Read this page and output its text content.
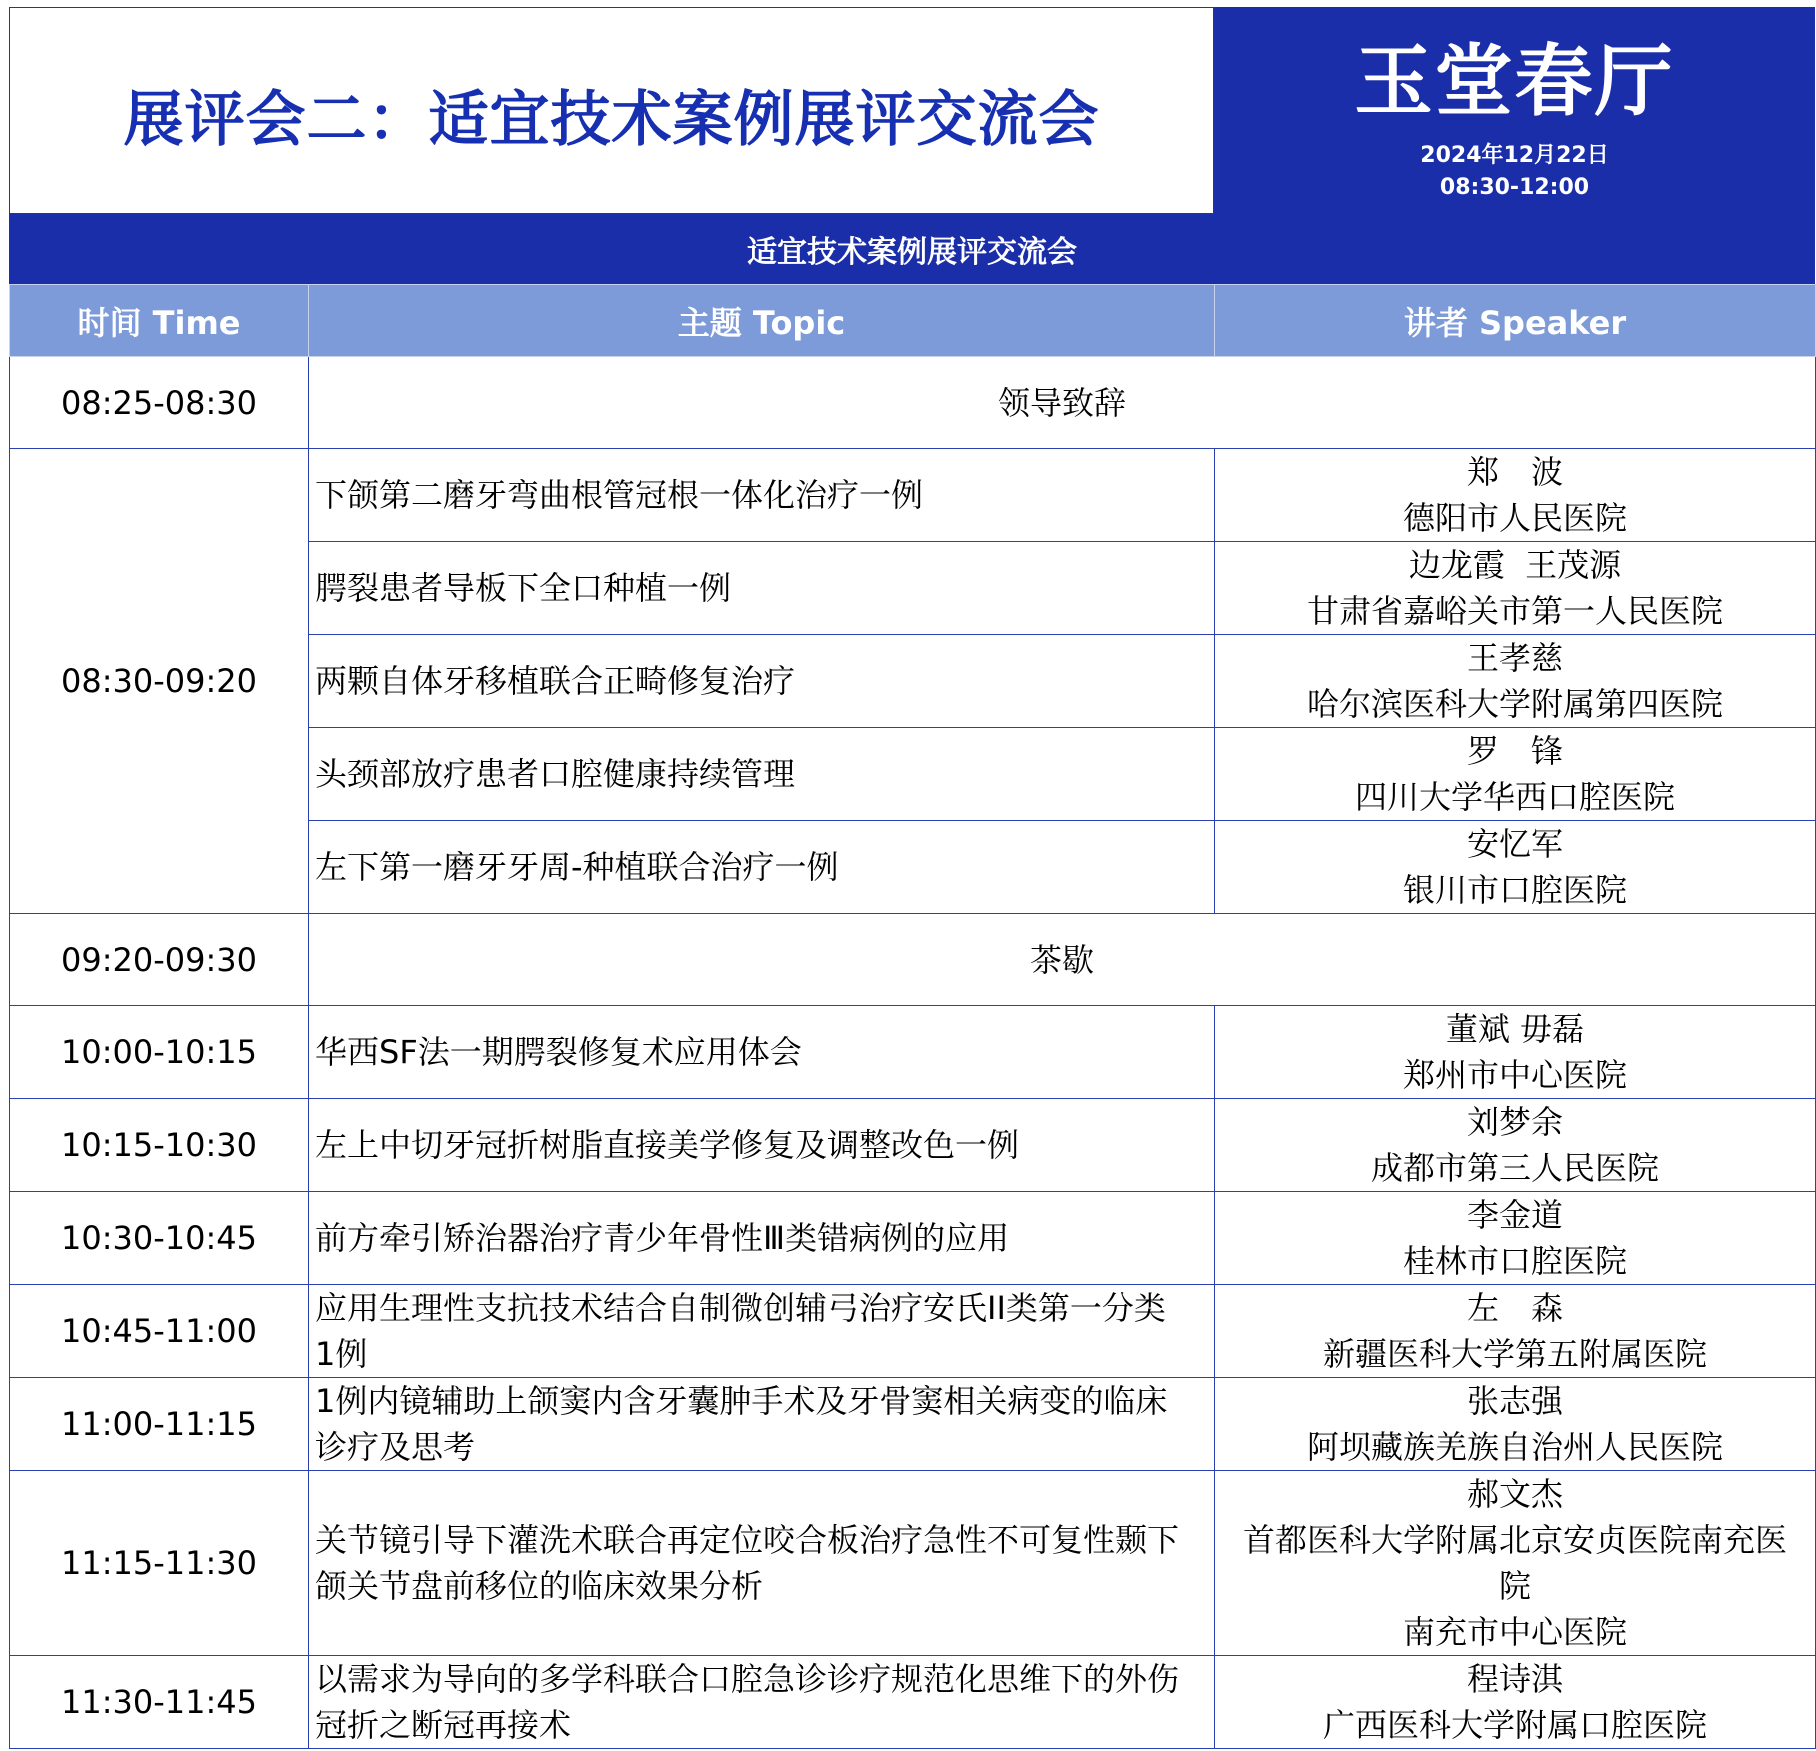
展评会二：适宜技术案例展评交流会	玉堂春厅
2024年12月22日
08:30-12:00
适宜技术案例展评交流会
时间 Time	主题 Topic	讲者 Speaker
08:25-08:30	领导致辞	
08:30-09:20	下颌第二磨牙弯曲根管冠根一体化治疗一例	郑　波
德阳市人民医院

	腭裂患者导板下全口种植一例	边龙霞  王茂源
甘肃省嘉峪关市第一人民医院

	两颗自体牙移植联合正畸修复治疗	王孝慈
哈尔滨医科大学附属第四医院

	头颈部放疗患者口腔健康持续管理	罗　锋
四川大学华西口腔医院

	左下第一磨牙牙周-种植联合治疗一例	安忆军
银川市口腔医院

09:20-09:30	茶歇	
10:00-10:15	华西SF法一期腭裂修复术应用体会	董斌 毋磊
郑州市中心医院

10:15-10:30	左上中切牙冠折树脂直接美学修复及调整改色一例	刘梦余
成都市第三人民医院

10:30-10:45	前方牵引矫治器治疗青少年骨性Ⅲ类错病例的应用	李金道
桂林市口腔医院

10:45-11:00	应用生理性支抗技术结合自制微创辅弓治疗安氏II类第一分类
1例	左　森
新疆医科大学第五附属医院

11:00-11:15	1例内镜辅助上颌窦内含牙囊肿手术及牙骨窦相关病变的临床
诊疗及思考	张志强
阿坝藏族羌族自治州人民医院

11:15-11:30	关节镜引导下灌洗术联合再定位咬合板治疗急性不可复性颞下
颌关节盘前移位的临床效果分析	郝文杰
首都医科大学附属北京安贞医院南充医
院
南充市中心医院

11:30-11:45	以需求为导向的多学科联合口腔急诊诊疗规范化思维下的外伤
冠折之断冠再接术	程诗淇
广西医科大学附属口腔医院
